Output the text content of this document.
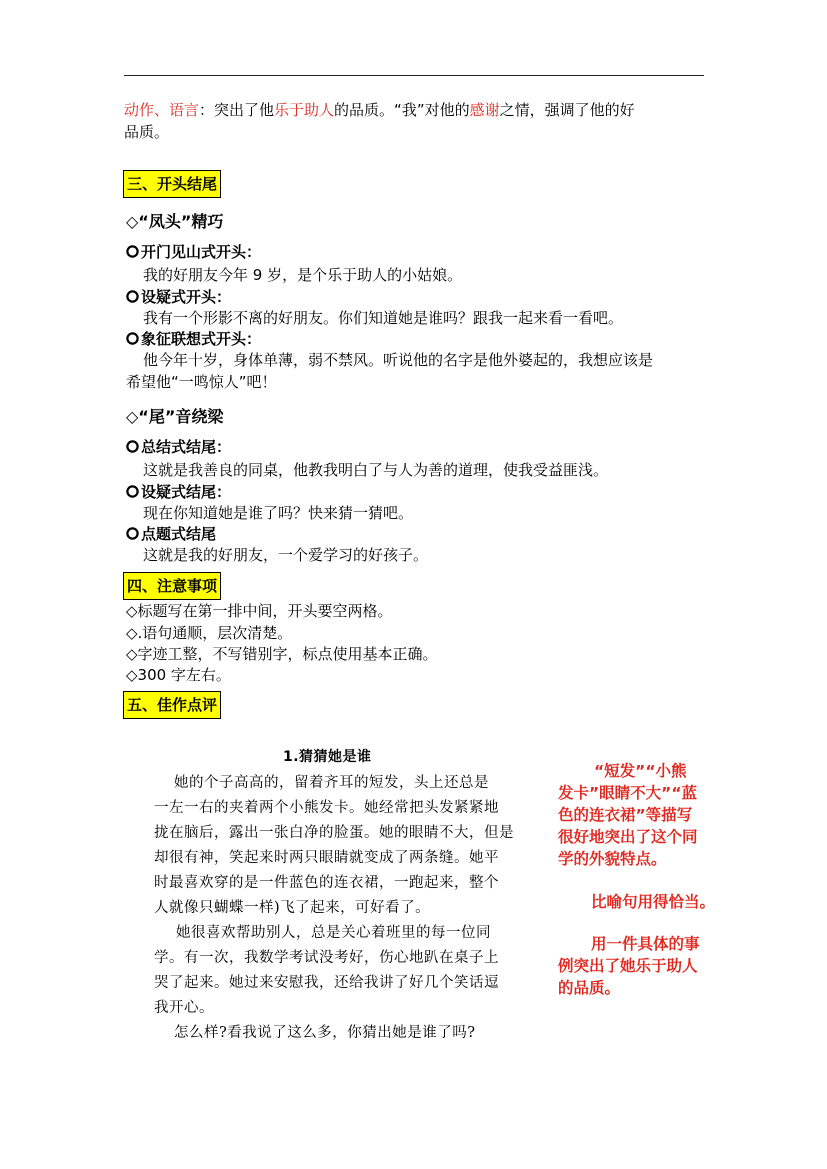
动作、语言：突出了他乐于助人的品质。“我”对他的感谢之情，强调了他的好
品质。
三、开头结尾
◇“凤头”精巧
开门见山式开头：
我的好朋友今年 9 岁，是个乐于助人的小姑娘。
设疑式开头：
我有一个形影不离的好朋友。你们知道她是谁吗？跟我一起来看一看吧。
象征联想式开头：
他今年十岁，身体单薄，弱不禁风。听说他的名字是他外婆起的，我想应该是
希望他“一鸣惊人”吧！
◇“尾”音绕梁
总结式结尾：
这就是我善良的同桌，他教我明白了与人为善的道理，使我受益匪浅。
设疑式结尾：
现在你知道她是谁了吗？快来猜一猜吧。
点题式结尾
这就是我的好朋友，一个爱学习的好孩子。
四、注意事项
◇标题写在第一排中间，开头要空两格。
◇.语句通顺，层次清楚。
◇字迹工整，不写错别字，标点使用基本正确。
◇300 字左右。
五、佳作点评
1.猜猜她是谁
她的个子高高的，留着齐耳的短发，头上还总是
一左一右的夹着两个小熊发卡。她经常把头发紧紧地
拢在脑后，露出一张白净的脸蛋。她的眼睛不大，但是
却很有神，笑起来时两只眼睛就变成了两条缝。她平
时最喜欢穿的是一件蓝色的连衣裙，一跑起来，整个
人就像只蝴蝶一样)飞了起来，可好看了。
她很喜欢帮助别人，总是关心着班里的每一位同
学。有一次，我数学考试没考好，伤心地趴在桌子上
哭了起来。她过来安慰我，还给我讲了好几个笑话逗
我开心。
怎么样?看我说了这么多，你猜出她是谁了吗?
“短发”“小熊
发卡”眼睛不大”“蓝
色的连衣裙”等描写
很好地突出了这个同
学的外貌特点。
比喻句用得恰当。
用一件具体的事
例突出了她乐于助人
的品质。
